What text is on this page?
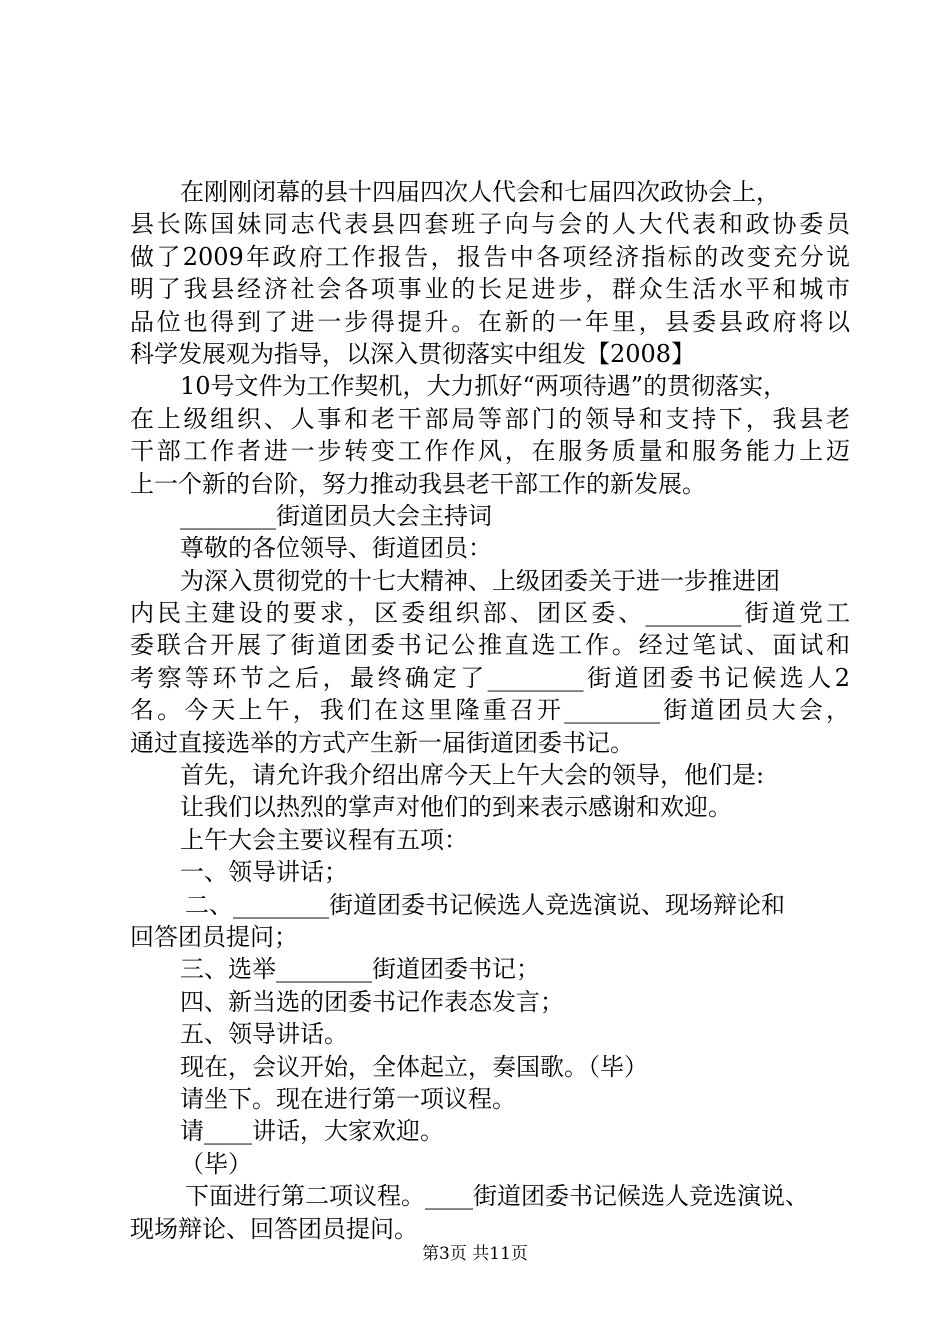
在刚刚闭幕的县十四届四次人代会和七届四次政协会上，
县长陈国妹同志代表县四套班子向与会的人大代表和政协委员
做了2009年政府工作报告，报告中各项经济指标的改变充分说
明了我县经济社会各项事业的长足进步，群众生活水平和城市
品位也得到了进一步得提升。在新的一年里，县委县政府将以
科学发展观为指导，以深入贯彻落实中组发【2008】
10号文件为工作契机，大力抓好“两项待遇”的贯彻落实，
在上级组织、人事和老干部局等部门的领导和支持下，我县老
干部工作者进一步转变工作作风，在服务质量和服务能力上迈
上一个新的台阶，努力推动我县老干部工作的新发展。
________街道团员大会主持词
尊敬的各位领导、街道团员：
为深入贯彻党的十七大精神、上级团委关于进一步推进团
内民主建设的要求，区委组织部、团区委、________街道党工
委联合开展了街道团委书记公推直选工作。经过笔试、面试和
考察等环节之后，最终确定了________街道团委书记候选人2
名。今天上午，我们在这里隆重召开________街道团员大会，
通过直接选举的方式产生新一届街道团委书记。
首先，请允许我介绍出席今天上午大会的领导，他们是:
让我们以热烈的掌声对他们的到来表示感谢和欢迎。
上午大会主要议程有五项：
一、领导讲话；
二、________街道团委书记候选人竞选演说、现场辩论和
回答团员提问；
三、选举________街道团委书记；
四、新当选的团委书记作表态发言；
五、领导讲话。
现在，会议开始，全体起立，奏国歌。（毕）
请坐下。现在进行第一项议程。
请____讲话，大家欢迎。
（毕）
下面进行第二项议程。____街道团委书记候选人竞选演说、
现场辩论、回答团员提问。
第3页 共11页
